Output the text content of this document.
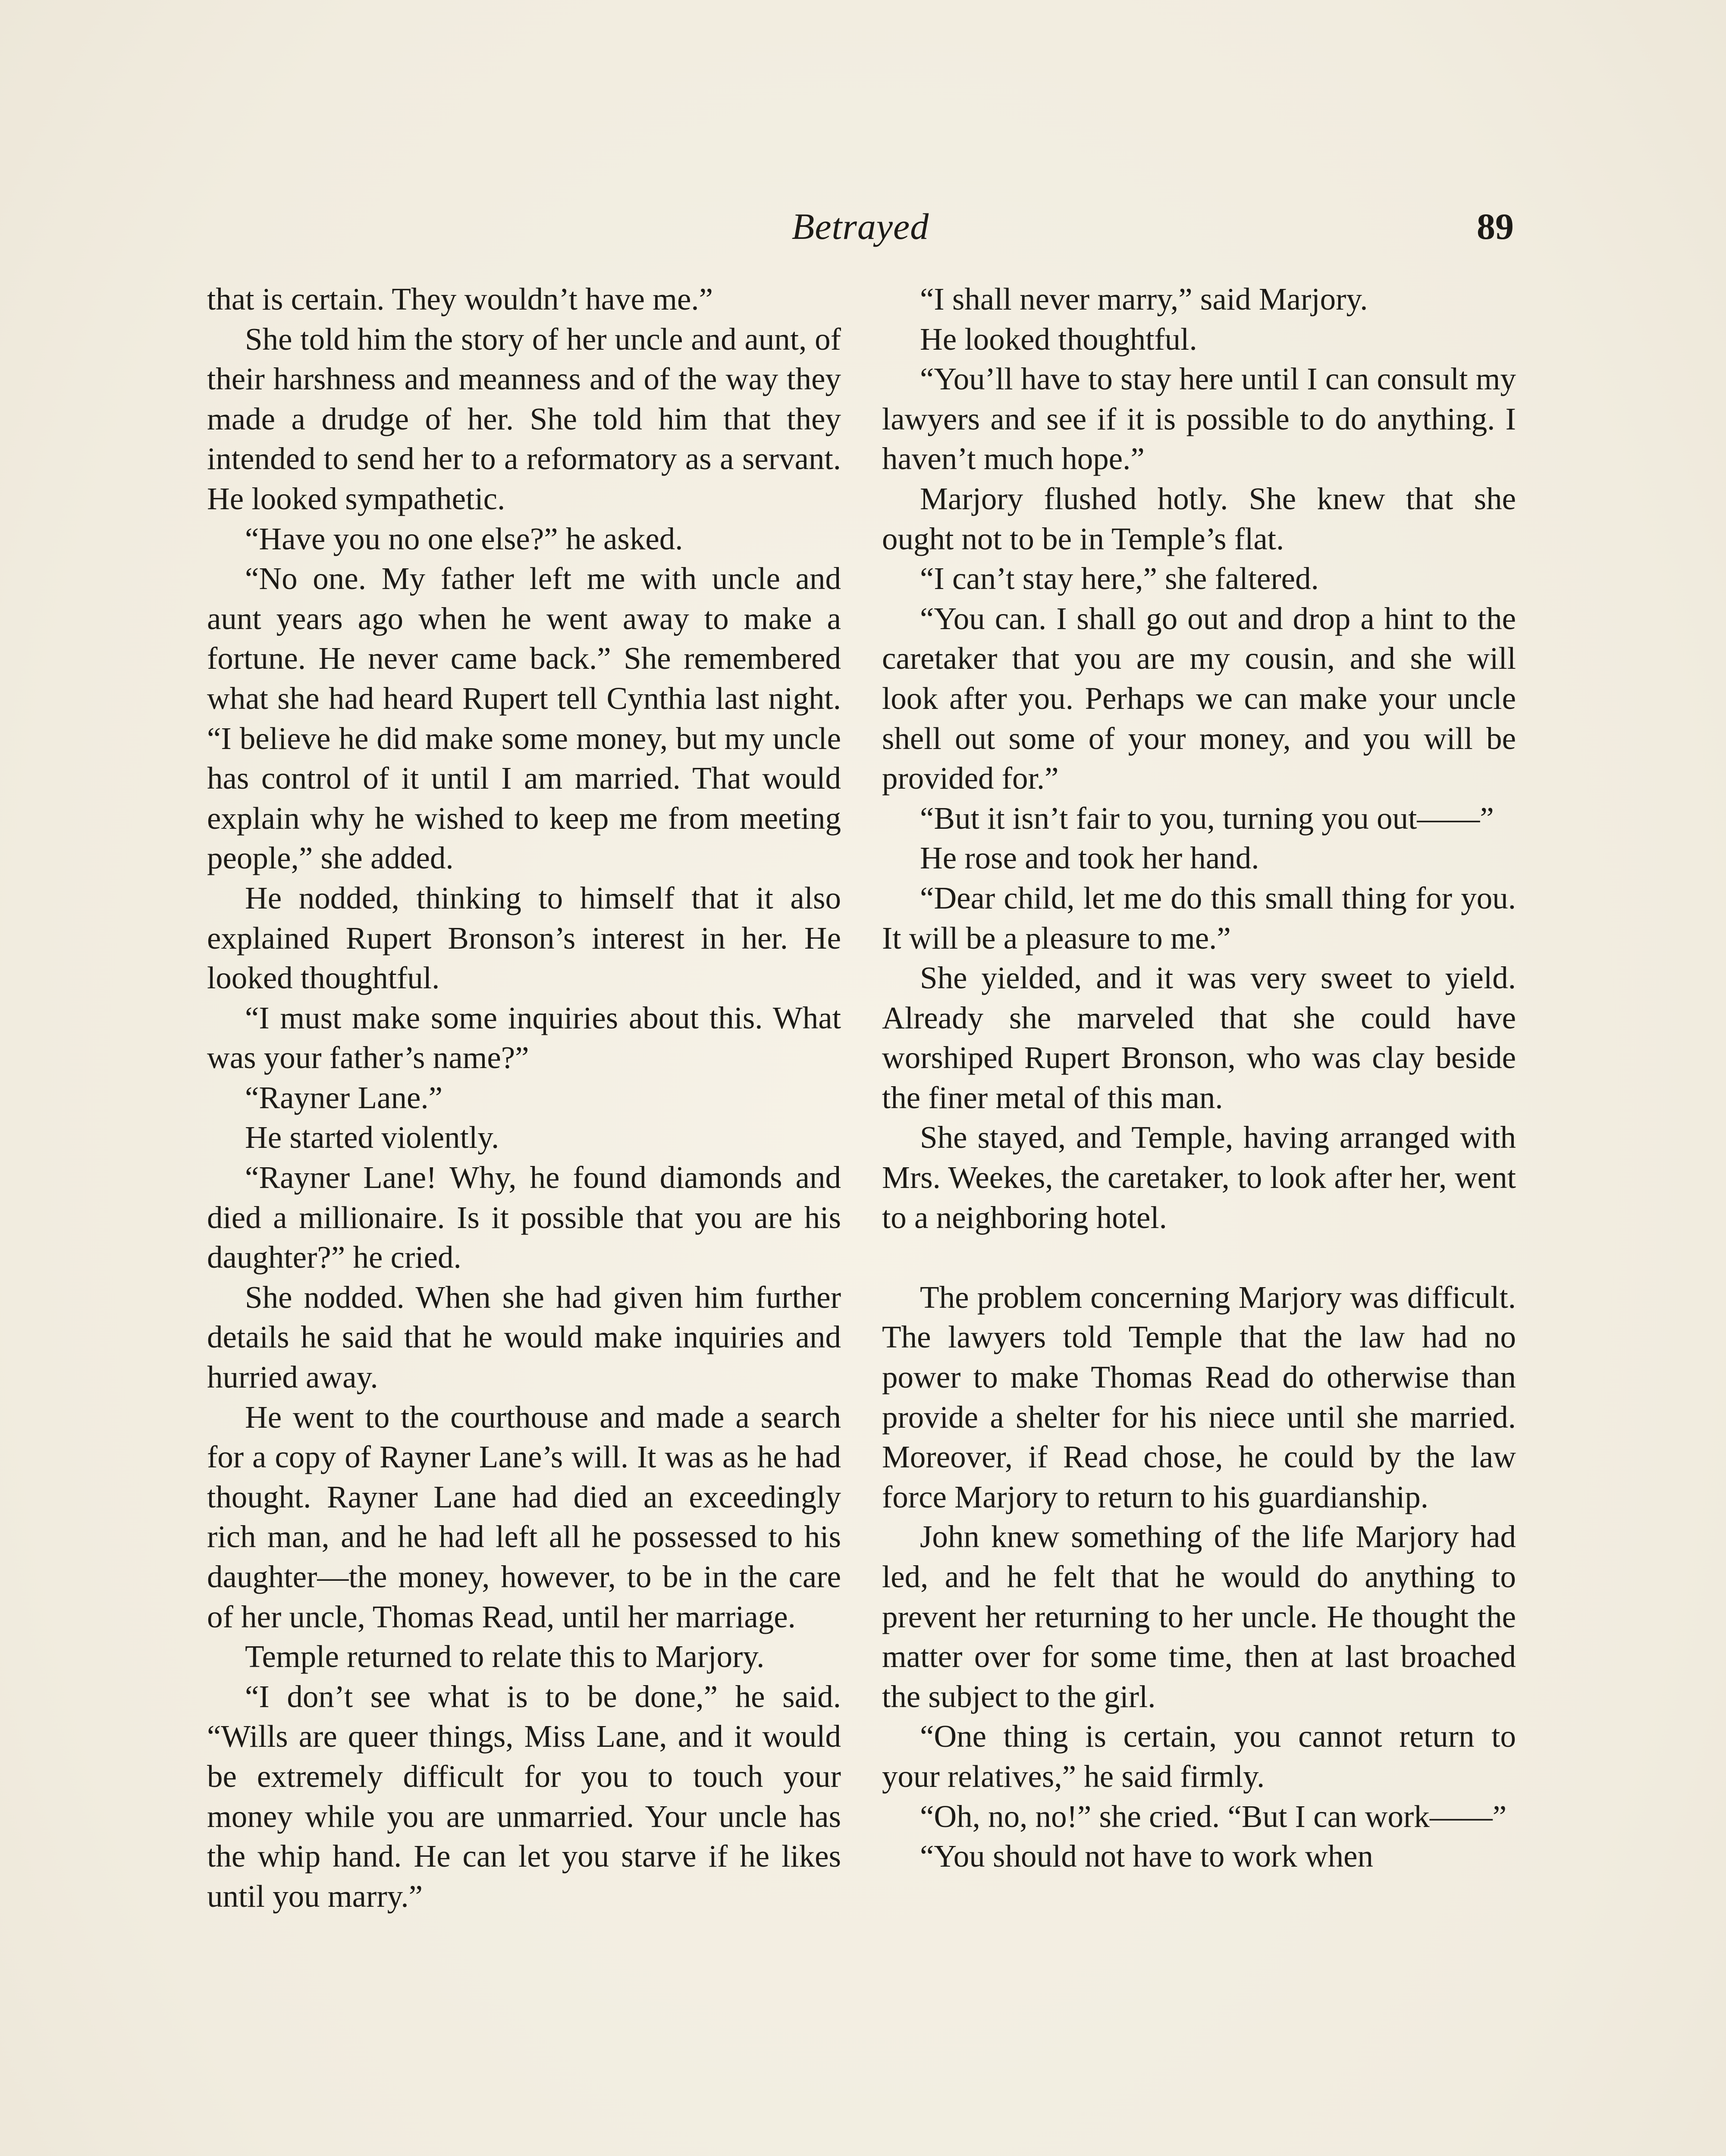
Betrayed	89

that is certain. They wouldn’t have me.”

She told him the story of her uncle and aunt, of their harshness and meanness and of the way they made a drudge of her. She told him that they intended to send her to a reformatory as a servant. He looked sympathetic.

“Have you no one else?” he asked.

“No one. My father left me with uncle and aunt years ago when he went away to make a fortune. He never came back.” She remembered what she had heard Rupert tell Cynthia last night. “I believe he did make some money, but my uncle has control of it until I am married. That would explain why he wished to keep me from meeting people,” she added.

He nodded, thinking to himself that it also explained Rupert Bronson’s interest in her. He looked thoughtful.

“I must make some inquiries about this. What was your father’s name?”

“Rayner Lane.”

He started violently.

“Rayner Lane! Why, he found diamonds and died a millionaire. Is it possible that you are his daughter?” he cried.

She nodded. When she had given him further details he said that he would make inquiries and hurried away.

He went to the courthouse and made a search for a copy of Rayner Lane’s will. It was as he had thought. Rayner Lane had died an exceedingly rich man, and he had left all he possessed to his daughter—the money, however, to be in the care of her uncle, Thomas Read, until her marriage.

Temple returned to relate this to Marjory.

“I don’t see what is to be done,” he said. “Wills are queer things, Miss Lane, and it would be extremely difficult for you to touch your money while you are unmarried. Your uncle has the whip hand. He can let you starve if he likes until you marry.”

“I shall never marry,” said Marjory.

He looked thoughtful.

“You’ll have to stay here until I can consult my lawyers and see if it is possible to do anything. I haven’t much hope.”

Marjory flushed hotly. She knew that she ought not to be in Temple’s flat.

“I can’t stay here,” she faltered.

“You can. I shall go out and drop a hint to the caretaker that you are my cousin, and she will look after you. Perhaps we can make your uncle shell out some of your money, and you will be provided for.”

“But it isn’t fair to you, turning you out——”

He rose and took her hand.

“Dear child, let me do this small thing for you. It will be a pleasure to me.”

She yielded, and it was very sweet to yield. Already she marveled that she could have worshiped Rupert Bronson, who was clay beside the finer metal of this man.

She stayed, and Temple, having arranged with Mrs. Weekes, the caretaker, to look after her, went to a neighboring hotel.

The problem concerning Marjory was difficult. The lawyers told Temple that the law had no power to make Thomas Read do otherwise than provide a shelter for his niece until she married. Moreover, if Read chose, he could by the law force Marjory to return to his guardianship.

John knew something of the life Marjory had led, and he felt that he would do anything to prevent her returning to her uncle. He thought the matter over for some time, then at last broached the subject to the girl.

“One thing is certain, you cannot return to your relatives,” he said firmly.

“Oh, no, no!” she cried. “But I can work——”

“You should not have to work when
